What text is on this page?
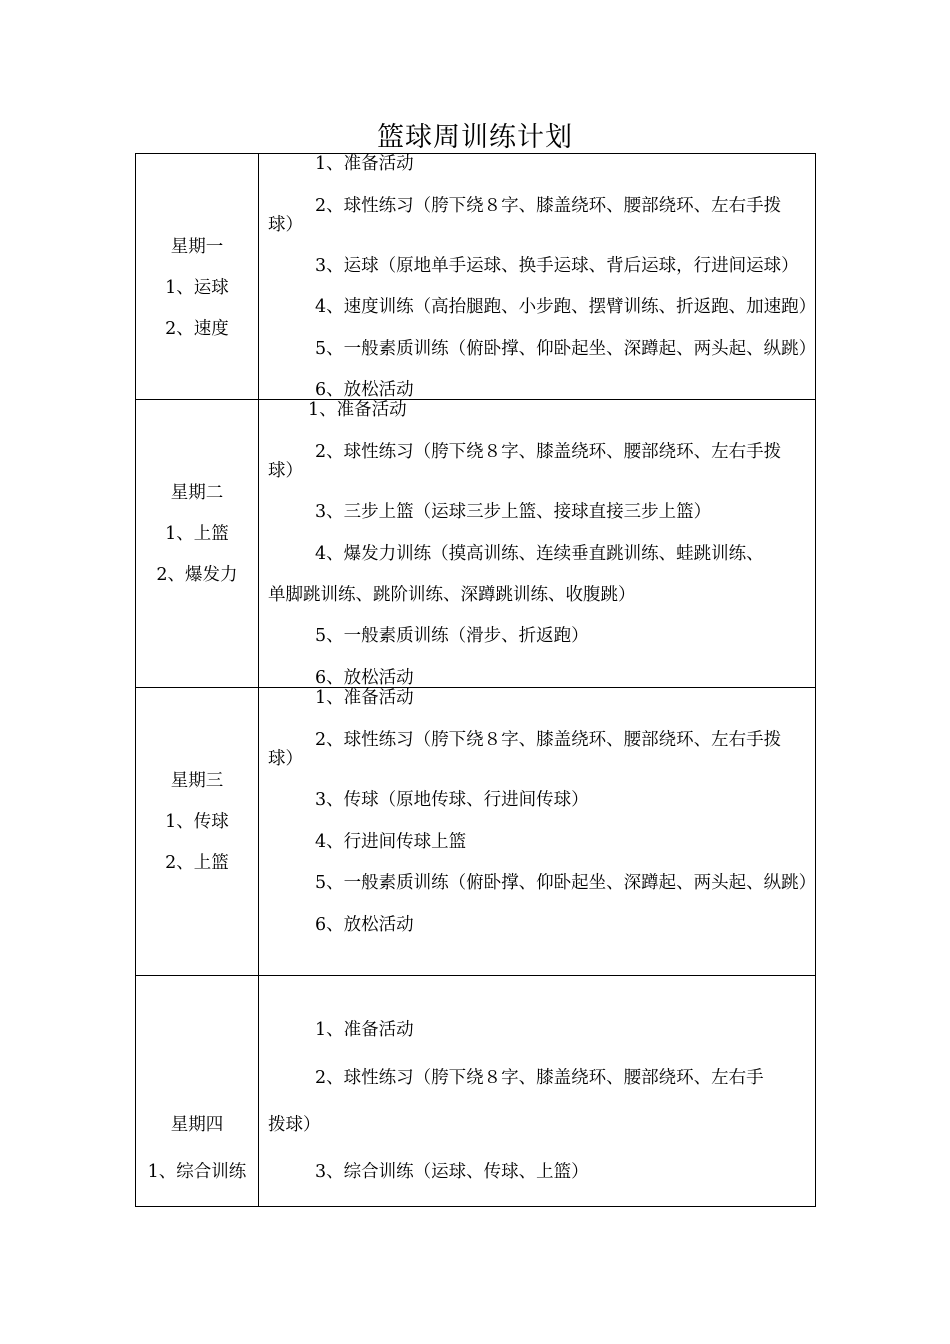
篮球周训练计划
星期一
1、运球
2、速度
1、准备活动
2、球性练习（胯下绕８字、膝盖绕环、腰部绕环、左右手拨
球）
3、运球（原地单手运球、换手运球、背后运球，行进间运球）
4、速度训练（高抬腿跑、小步跑、摆臂训练、折返跑、加速跑）
5、一般素质训练（俯卧撑、仰卧起坐、深蹲起、两头起、纵跳）
6、放松活动
星期二
1、上篮
2、爆发力
1、准备活动
2、球性练习（胯下绕８字、膝盖绕环、腰部绕环、左右手拨
球）
3、三步上篮（运球三步上篮、接球直接三步上篮）
4、爆发力训练（摸高训练、连续垂直跳训练、蛙跳训练、
单脚跳训练、跳阶训练、深蹲跳训练、收腹跳）
5、一般素质训练（滑步、折返跑）
6、放松活动
星期三
1、传球
2、上篮
1、准备活动
2、球性练习（胯下绕８字、膝盖绕环、腰部绕环、左右手拨
球）
3、传球（原地传球、行进间传球）
4、行进间传球上篮
5、一般素质训练（俯卧撑、仰卧起坐、深蹲起、两头起、纵跳）
6、放松活动
星期四
1、综合训练
1、准备活动
2、球性练习（胯下绕８字、膝盖绕环、腰部绕环、左右手
拨球）
3、综合训练（运球、传球、上篮）
